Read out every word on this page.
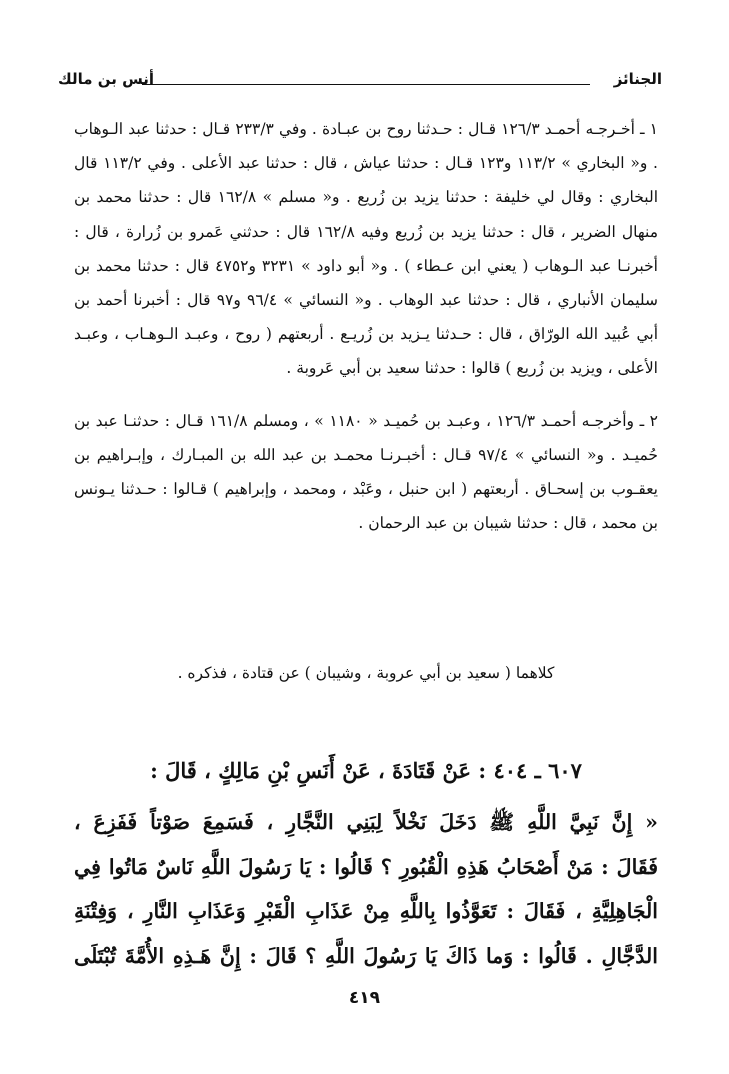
الجنائز
أنس بن مالك

١ ـ أخـرجـه أحمـد ١٢٦/٣ قـال : حـدثنا روح بن عبـادة . وفي ٢٣٣/٣ قـال : حدثنا عبد الـوهاب . و« البخاري » ١١٣/٢ و١٢٣ قـال : حدثنا عياش ، قال : حدثنا عبد الأعلى . وفي ١١٣/٢ قال البخاري : وقال لي خليفة : حدثنا يزيد بن زُريع . و« مسلم » ١٦٢/٨ قال : حدثنا محمد بن منهال الضرير ، قال : حدثنا يزيد بن زُريع وفيه ١٦٢/٨ قال : حدثني عَمرو بن زُرارة ، قال : أخبرنـا عبد الـوهاب ( يعني ابن عـطاء ) . و« أبو داود » ٣٢٣١ و٤٧٥٢ قال : حدثنا محمد بن سليمان الأنباري ، قال : حدثنا عبد الوهاب . و« النسائي » ٩٦/٤ و٩٧ قال : أخبرنا أحمد بن أبي عُبيد الله الورّاق ، قال : حـدثنا يـزيد بن زُريـع . أربعتهم ( روح ، وعبـد الـوهـاب ، وعبـد الأعلى ، ويزيد بن زُريع ) قالوا : حدثنا سعيد بن أبي عَروبة .

٢ ـ وأخرجـه أحمـد ١٢٦/٣ ، وعبـد بن حُميـد « ١١٨٠ » ، ومسلم ١٦١/٨ قـال : حدثنـا عبد بن حُميـد . و« النسائي » ٩٧/٤ قـال : أخبـرنـا محمـد بن عبد الله بن المبـارك ، وإبـراهيم بن يعقـوب بن إسحـاق . أربعتهم ( ابن حنبل ، وعَبْد ، ومحمد ، وإبراهيم ) قـالوا : حـدثنا يـونس بن محمد ، قال : حدثنا شيبان بن عبد الرحمان .

كلاهما ( سعيد بن أبي عروبة ، وشيبان ) عن قتادة ، فذكره .
٦٠٧ ـ ٤٠٤ : عَنْ قَتَادَةَ ، عَنْ أَنَسِ بْنِ مَالِكٍ ، قَالَ :
« إِنَّ نَبِيَّ اللَّهِ ﷺ دَخَلَ نَخْلاً لِبَنِي النَّجَّارِ ، فَسَمِعَ صَوْتاً فَفَزِعَ ،
فَقَالَ : مَنْ أَصْحَابُ هَذِهِ الْقُبُورِ ؟ قَالُوا : يَا رَسُولَ اللَّهِ نَاسٌ مَاتُوا فِي
الْجَاهِلِيَّةِ ، فَقَالَ : تَعَوَّذُوا بِاللَّهِ مِنْ عَذَابِ الْقَبْرِ وَعَذَابِ النَّارِ ، وَفِتْنَةِ
الدَّجَّالِ . قَالُوا : وَما ذَاكَ يَا رَسُولَ اللَّهِ ؟ قَالَ : إِنَّ هَـذِهِ الأُمَّةَ تُبْتَلَى
٤١٩
